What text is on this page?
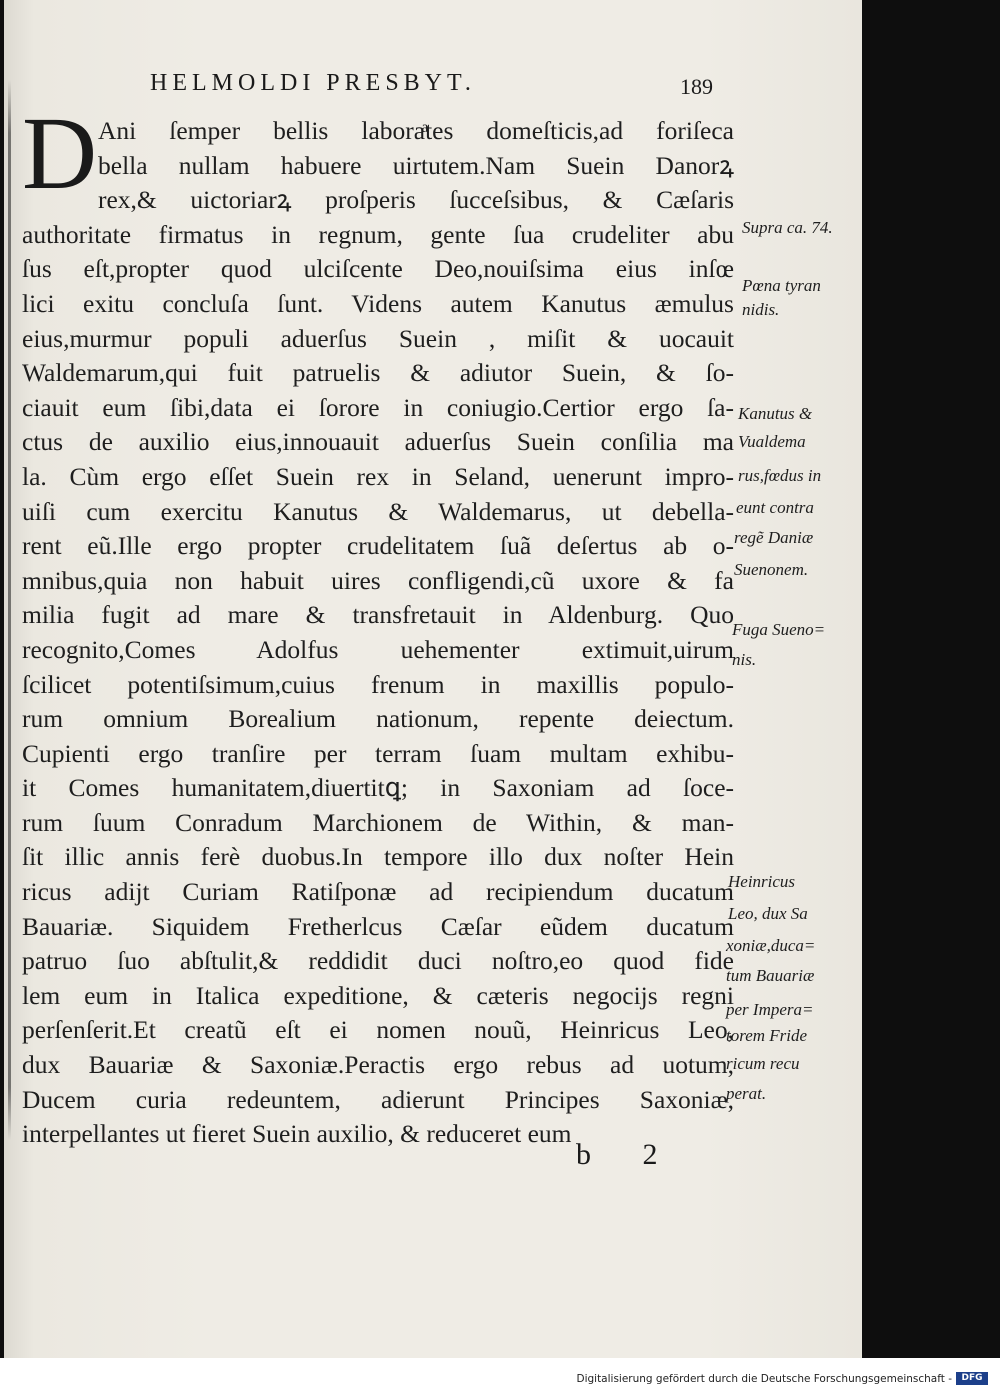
HELMOLDI PRESBYT.	189
D Ani ſemper bellis laboraͣtes domeſticis,ad foriſeca
bella nullam habuere uirtutem.Nam Suein Danorꝝ
rex,& uictoriarꝝ proſperis ſucceſsibus, & Cæſaris
authoritate firmatus in regnum, gente ſua crudeliter abu
ſus eſt,propter quod ulciſcente Deo,nouiſsima eius inſœ
lici exitu concluſa ſunt. Videns autem Kanutus æmulus
eius,murmur populi aduerſus Suein , miſit & uocauit
Waldemarum,qui fuit patruelis & adiutor Suein, & ſo-
ciauit eum ſibi,data ei ſorore in coniugio.Certior ergo ſa-
ctus de auxilio eius,innouauit aduerſus Suein conſilia ma
la. Cùm ergo eſſet Suein rex in Seland, uenerunt impro-
uiſi cum exercitu Kanutus & Waldemarus, ut debella-
rent eũ.Ille ergo propter crudelitatem ſuã deſertus ab o-
mnibus,quia non habuit uires confligendi,cũ uxore & fa
milia fugit ad mare & transfretauit in Aldenburg. Quo
recognito,Comes Adolfus uehementer extimuit,uirum
ſcilicet potentiſsimum,cuius frenum in maxillis populo-
rum omnium Borealium nationum, repente deiectum.
Cupienti ergo tranſire per terram ſuam multam exhibu-
it Comes humanitatem,diuertitꝗ; in Saxoniam ad ſoce-
rum ſuum Conradum Marchionem de Within, & man-
ſit illic annis ferè duobus.In tempore illo dux noſter Hein
ricus adijt Curiam Ratiſponæ ad recipiendum ducatum
Bauariæ. Siquidem Fretherlcus Cæſar eũdem ducatum
patruo ſuo abſtulit,& reddidit duci noſtro,eo quod fide
lem eum in Italica expeditione, & cæteris negocijs regni
perſenſerit.Et creatũ eſt ei nomen nouũ, Heinricus Leo,
dux Bauariæ & Saxoniæ.Peractis ergo rebus ad uotum,
Ducem curia redeuntem, adierunt Principes Saxoniæ,
interpellantes ut fieret Suein auxilio, & reduceret eum
Supra ca. 74.
Pœna tyran
nidis.
Kanutus &
Vualdema
rus,fœdus in
eunt contra
regẽ Daniæ
Suenonem.
Fuga Sueno=
nis.
Heinricus
Leo, dux Sa
xoniæ,duca=
tum Bauariæ
per Impera=
torem Fride
ricum recu
perat.
b 2
Digitalisierung gefördert durch die Deutsche Forschungsgemeinschaft -	DFG
